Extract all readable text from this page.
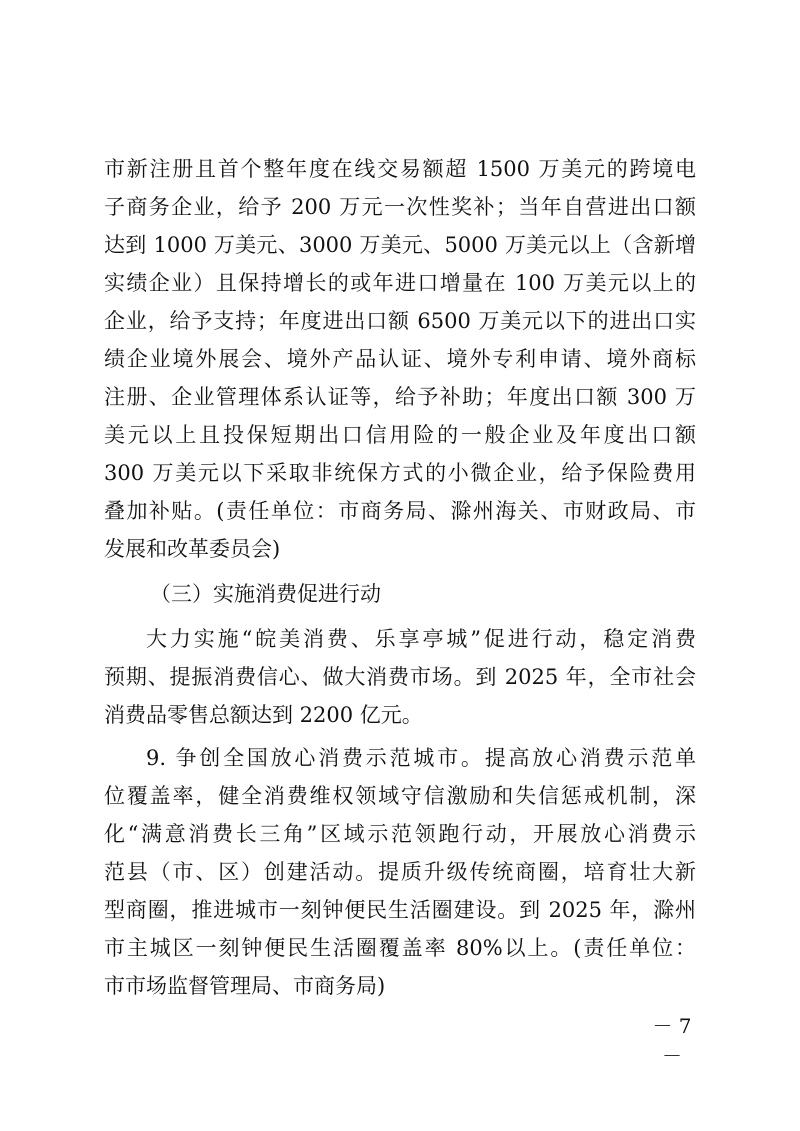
市新注册且首个整年度在线交易额超 1500 万美元的跨境电
子商务企业，给予 200 万元一次性奖补；当年自营进出口额
达到 1000 万美元、3000 万美元、5000 万美元以上（含新增
实绩企业）且保持增长的或年进口增量在 100 万美元以上的
企业，给予支持；年度进出口额 6500 万美元以下的进出口实
绩企业境外展会、境外产品认证、境外专利申请、境外商标
注册、企业管理体系认证等，给予补助；年度出口额 300 万
美元以上且投保短期出口信用险的一般企业及年度出口额
300 万美元以下采取非统保方式的小微企业，给予保险费用
叠加补贴。(责任单位：市商务局、滁州海关、市财政局、市
发展和改革委员会)
（三）实施消费促进行动
大力实施“皖美消费、乐享亭城”促进行动，稳定消费
预期、提振消费信心、做大消费市场。到 2025 年，全市社会
消费品零售总额达到 2200 亿元。
9. 争创全国放心消费示范城市。提高放心消费示范单
位覆盖率，健全消费维权领域守信激励和失信惩戒机制，深
化“满意消费长三角”区域示范领跑行动，开展放心消费示
范县（市、区）创建活动。提质升级传统商圈，培育壮大新
型商圈，推进城市一刻钟便民生活圈建设。到 2025 年，滁州
市主城区一刻钟便民生活圈覆盖率 80%以上。(责任单位：
市市场监督管理局、市商务局)
－ 7 －
